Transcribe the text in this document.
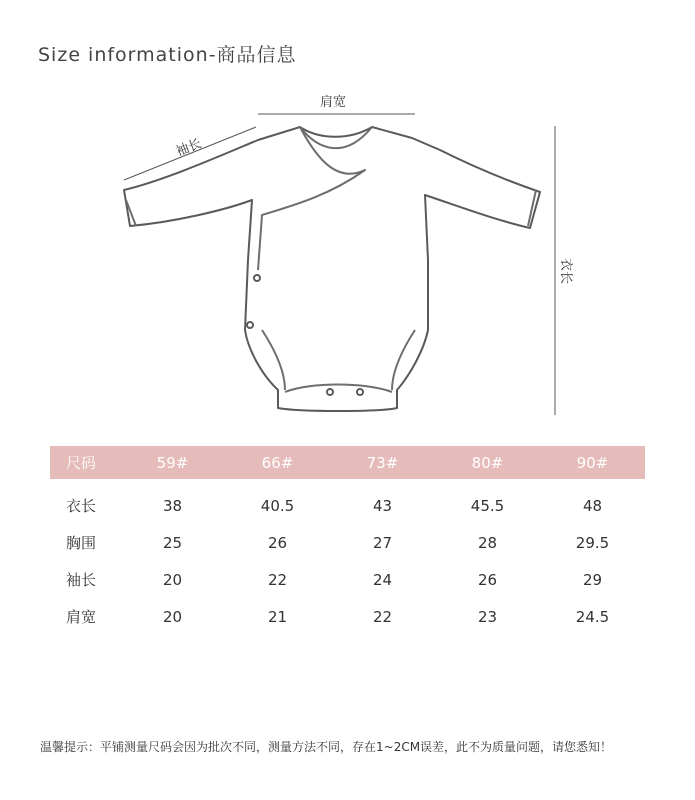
Size information-商品信息
肩宽
袖长
衣长
尺码	59#	66#	73#	80#	90#
衣长	38	40.5	43	45.5	48
胸围	25	26	27	28	29.5
袖长	20	22	24	26	29
肩宽	20	21	22	23	24.5
温馨提示：平铺测量尺码会因为批次不同，测量方法不同，存在1~2CM误差，此不为质量问题，请您悉知！
